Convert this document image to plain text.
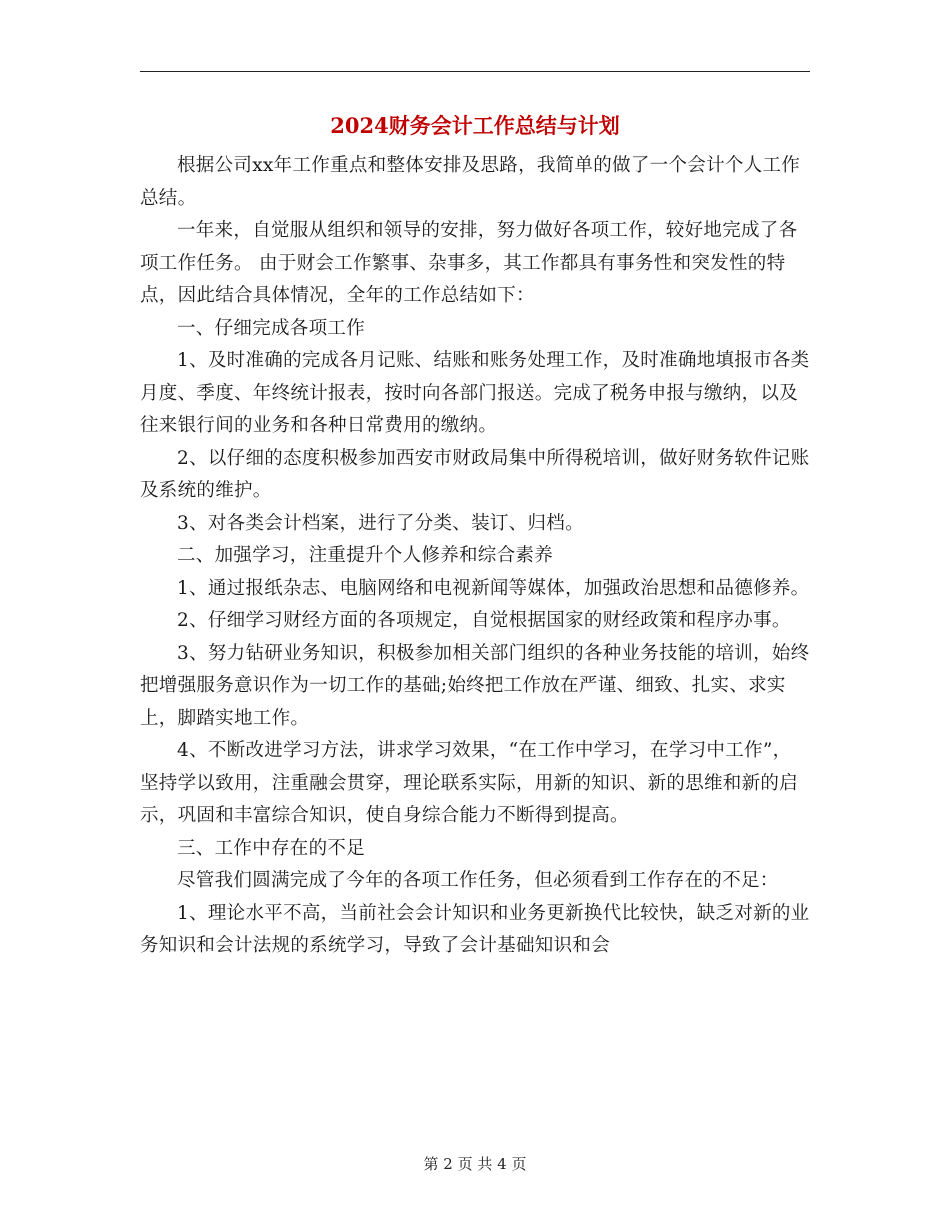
2024财务会计工作总结与计划

根据公司xx年工作重点和整体安排及思路，我简单的做了一个会计个人工作总结。

一年来，自觉服从组织和领导的安排，努力做好各项工作，较好地完成了各项工作任务。 由于财会工作繁事、杂事多，其工作都具有事务性和突发性的特点，因此结合具体情况，全年的工作总结如下：

一、仔细完成各项工作

1、及时准确的完成各月记账、结账和账务处理工作，及时准确地填报市各类月度、季度、年终统计报表，按时向各部门报送。完成了税务申报与缴纳，以及往来银行间的业务和各种日常费用的缴纳。

2、以仔细的态度积极参加西安市财政局集中所得税培训，做好财务软件记账及系统的维护。

3、对各类会计档案，进行了分类、装订、归档。

二、加强学习，注重提升个人修养和综合素养

1、通过报纸杂志、电脑网络和电视新闻等媒体，加强政治思想和品德修养。

2、仔细学习财经方面的各项规定，自觉根据国家的财经政策和程序办事。

3、努力钻研业务知识，积极参加相关部门组织的各种业务技能的培训，始终把增强服务意识作为一切工作的基础;始终把工作放在严谨、细致、扎实、求实上，脚踏实地工作。

4、不断改进学习方法，讲求学习效果，“在工作中学习，在学习中工作”，坚持学以致用，注重融会贯穿，理论联系实际，用新的知识、新的思维和新的启示，巩固和丰富综合知识，使自身综合能力不断得到提高。

三、工作中存在的不足

尽管我们圆满完成了今年的各项工作任务，但必须看到工作存在的不足：

1、理论水平不高，当前社会会计知识和业务更新换代比较快，缺乏对新的业务知识和会计法规的系统学习，导致了会计基础知识和会

第 2 页 共 4 页
